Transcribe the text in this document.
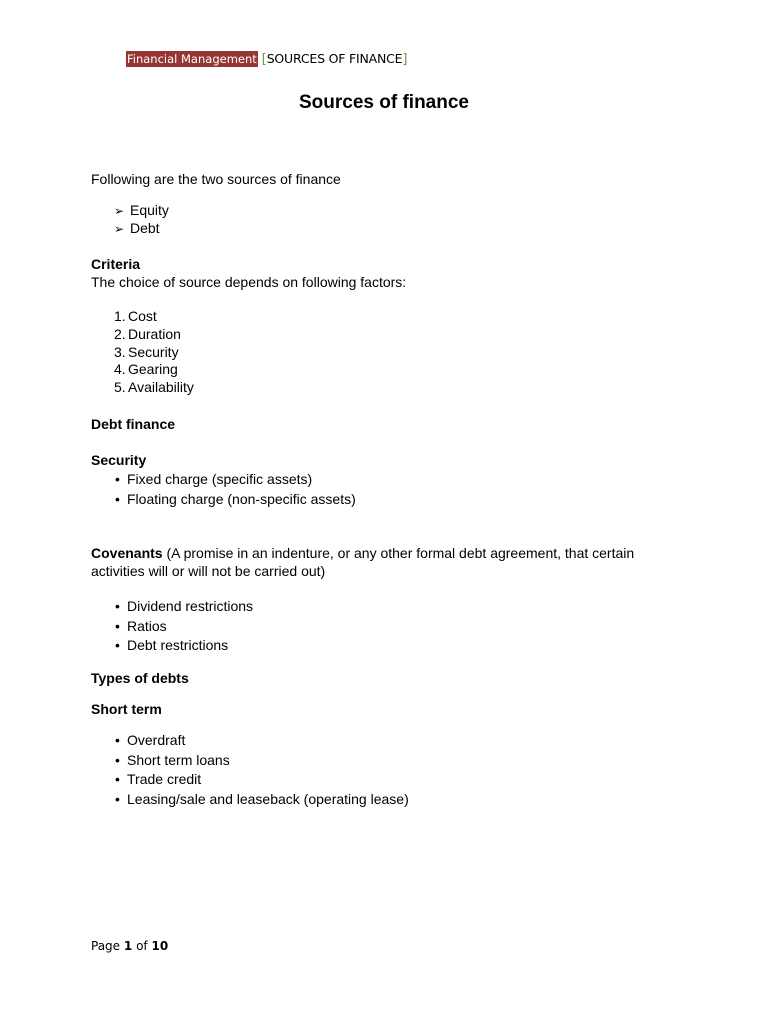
Financial Management [SOURCES OF FINANCE]
Sources of finance
Following are the two sources of finance
➢ Equity
➢ Debt
Criteria
The choice of source depends on following factors:
1. Cost
2. Duration
3. Security
4. Gearing
5. Availability
Debt finance
Security
• Fixed charge (specific assets)
• Floating charge (non-specific assets)
Covenants (A promise in an indenture, or any other formal debt agreement, that certain activities will or will not be carried out)
• Dividend restrictions
• Ratios
• Debt restrictions
Types of debts
Short term
• Overdraft
• Short term loans
• Trade credit
• Leasing/sale and leaseback (operating lease)
Page 1 of 10
